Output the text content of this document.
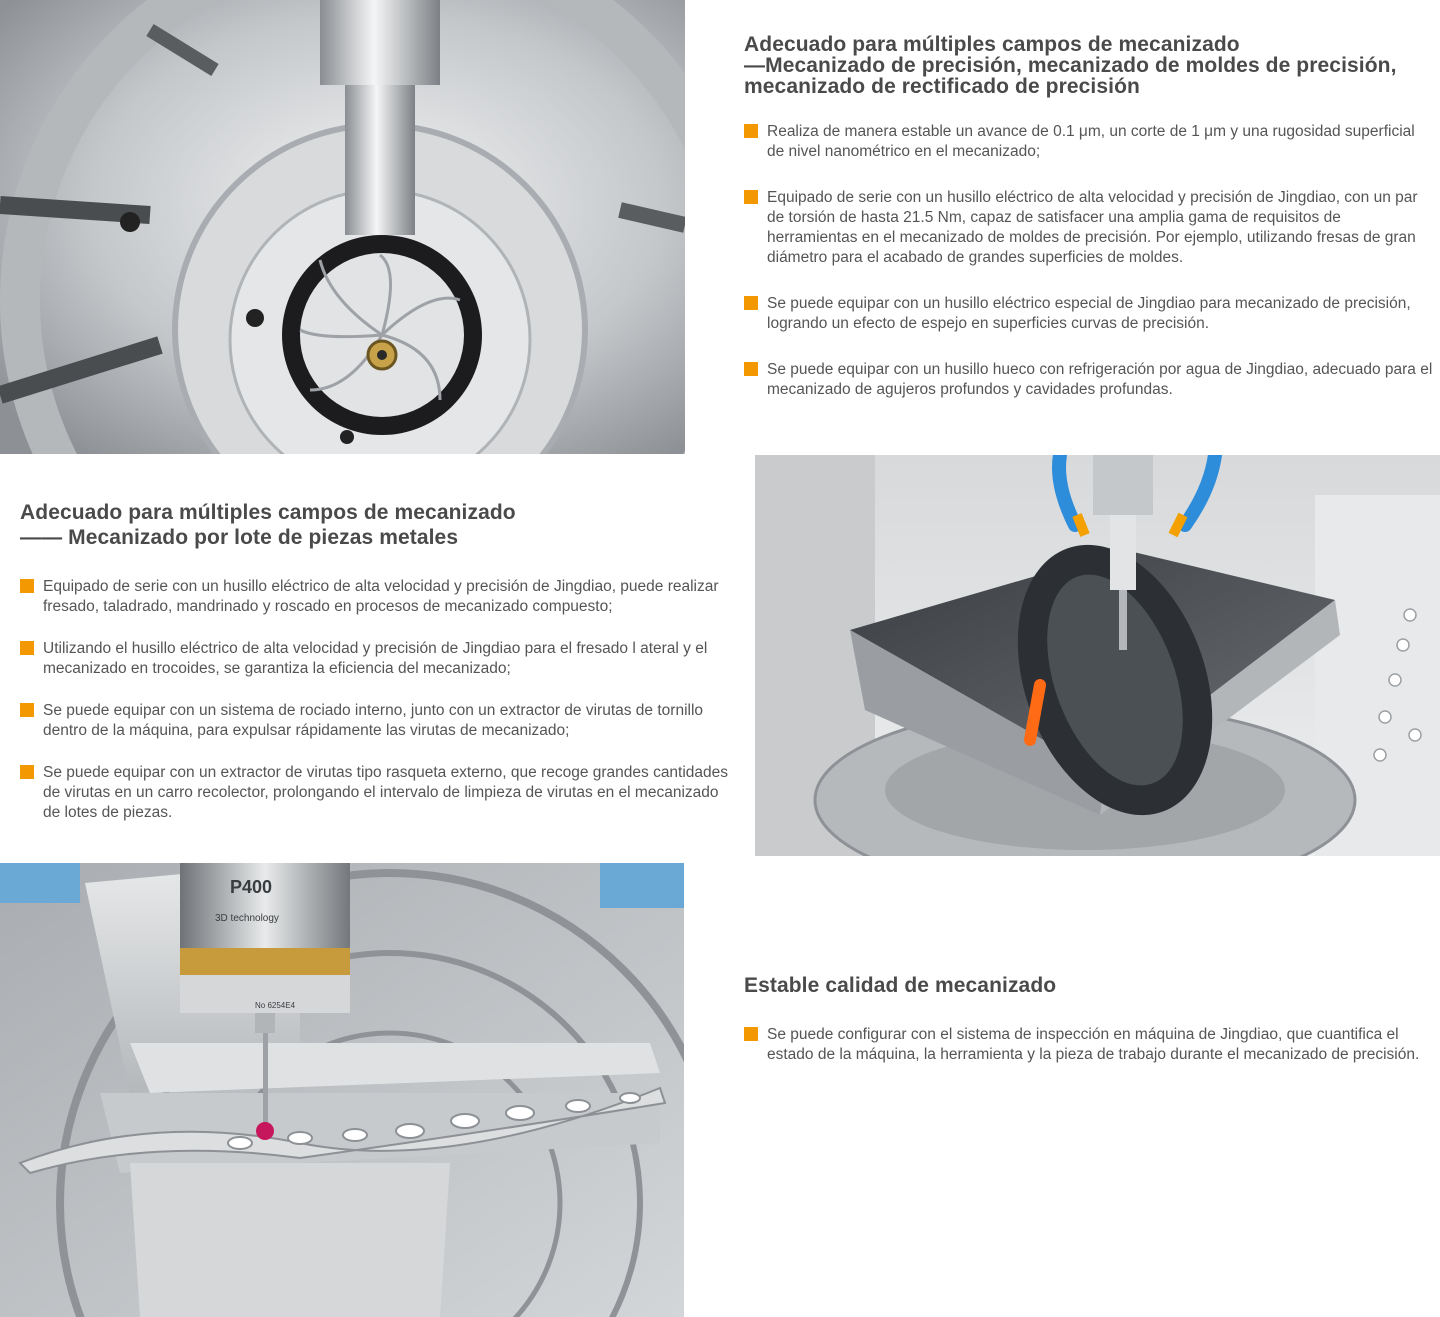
Adecuado para múltiples campos de mecanizado
—Mecanizado de precisión, mecanizado de moldes de precisión,
mecanizado de rectificado de precisión
Realiza de manera estable un avance de 0.1 μm, un corte de 1 μm y una rugosidad superficial de nivel nanométrico en el mecanizado;
Equipado de serie con un husillo eléctrico de alta velocidad y precisión de Jingdiao, con un par de torsión de hasta 21.5 Nm, capaz de satisfacer una amplia gama de requisitos de herramientas en el mecanizado de moldes de precisión. Por ejemplo, utilizando fresas de gran diámetro para el acabado de grandes superficies de moldes.
Se puede equipar con un husillo eléctrico especial de Jingdiao para mecanizado de precisión, logrando un efecto de espejo en superficies curvas de precisión.
Se puede equipar con un husillo hueco con refrigeración por agua de Jingdiao, adecuado para el mecanizado de agujeros profundos y cavidades profundas.
Adecuado para múltiples campos de mecanizado
—— Mecanizado por lote de piezas metales
Equipado de serie con un husillo eléctrico de alta velocidad y precisión de Jingdiao, puede realizar fresado, taladrado, mandrinado y roscado en procesos de mecanizado compuesto;
Utilizando el husillo eléctrico de alta velocidad y precisión de Jingdiao para el fresado l ateral y el mecanizado en trocoides, se garantiza la eficiencia del mecanizado;
Se puede equipar con un sistema de rociado interno, junto con un extractor de virutas de tornillo dentro de la máquina, para expulsar rápidamente las virutas de mecanizado;
Se puede equipar con un extractor de virutas tipo rasqueta externo, que recoge grandes cantidades de virutas en un carro recolector, prolongando el intervalo de limpieza de virutas en el mecanizado de lotes de piezas.
P400
3D technology
No 6254E4
Estable calidad de mecanizado
Se puede configurar con el sistema de inspección en máquina de Jingdiao, que cuantifica el estado de la máquina, la herramienta y la pieza de trabajo durante el mecanizado de precisión.
